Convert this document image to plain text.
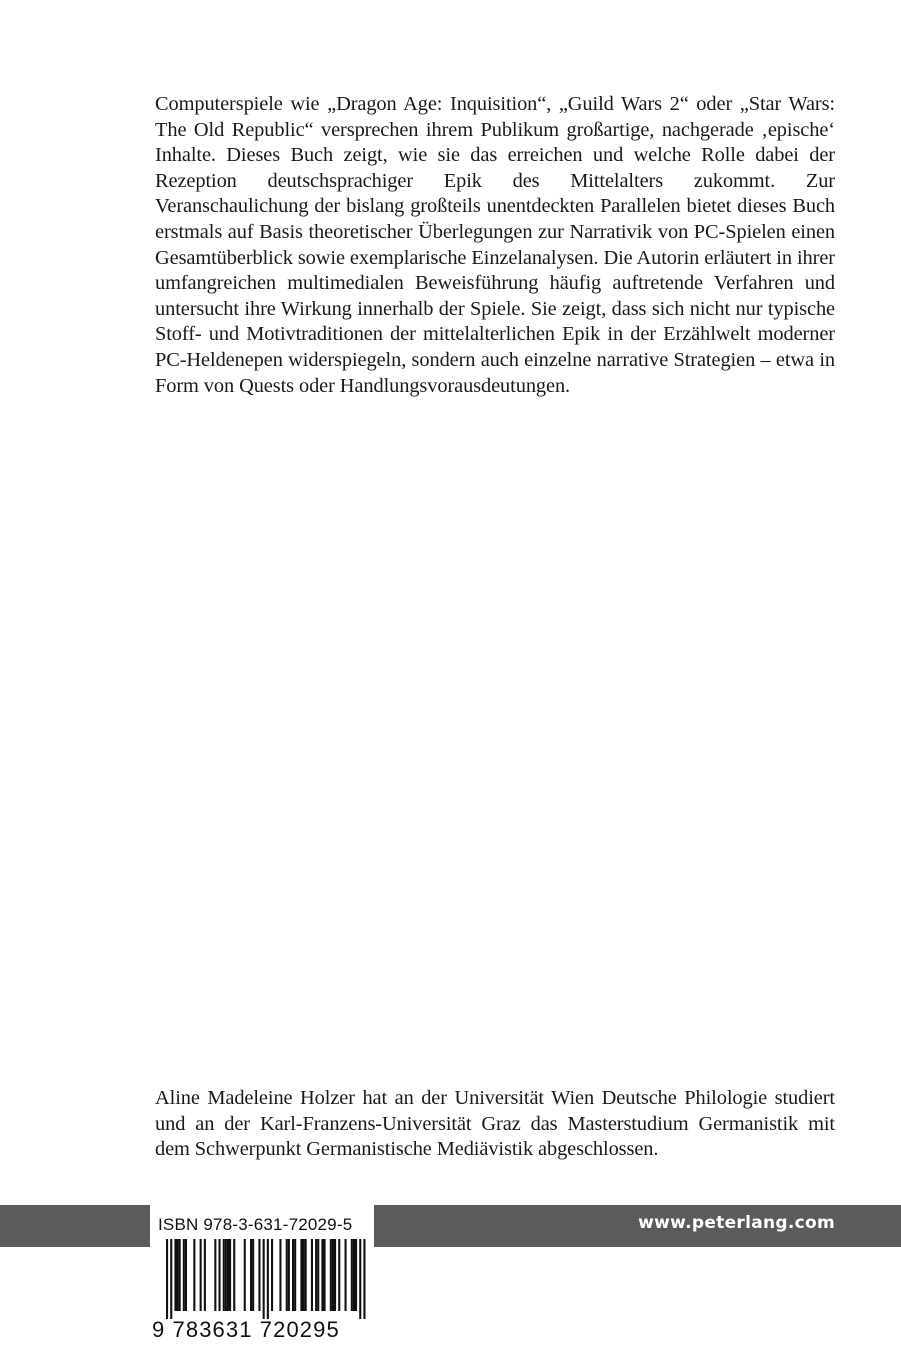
Computerspiele wie „Dragon Age: Inquisition“, „Guild Wars 2“ oder „Star Wars: The Old Republic“ versprechen ihrem Publikum großartige, nachgerade ‚epische‘ Inhalte. Dieses Buch zeigt, wie sie das erreichen und welche Rolle dabei der Rezeption deutschsprachiger Epik des Mittelalters zukommt. Zur Veranschaulichung der bislang großteils unentdeckten Parallelen bietet dieses Buch erstmals auf Basis theoretischer Überlegungen zur Narrativik von PC-Spielen einen Gesamtüberblick sowie exemplarische Einzelanalysen. Die Autorin erläutert in ihrer umfangreichen multimedialen Beweisführung häufig auftretende Verfahren und untersucht ihre Wirkung innerhalb der Spiele. Sie zeigt, dass sich nicht nur typische Stoff- und Motivtraditionen der mittelalterlichen Epik in der Erzählwelt moderner PC-Heldenepen widerspiegeln, sondern auch einzelne narrative Strategien – etwa in Form von Quests oder Handlungsvorausdeutungen.

Aline Madeleine Holzer hat an der Universität Wien Deutsche Philologie studiert und an der Karl-Franzens-Universität Graz das Masterstudium Germanistik mit dem Schwerpunkt Germanistische Mediävistik abgeschlossen.

www.peterlang.com
ISBN 978-3-631-72029-5
9 783631 720295
